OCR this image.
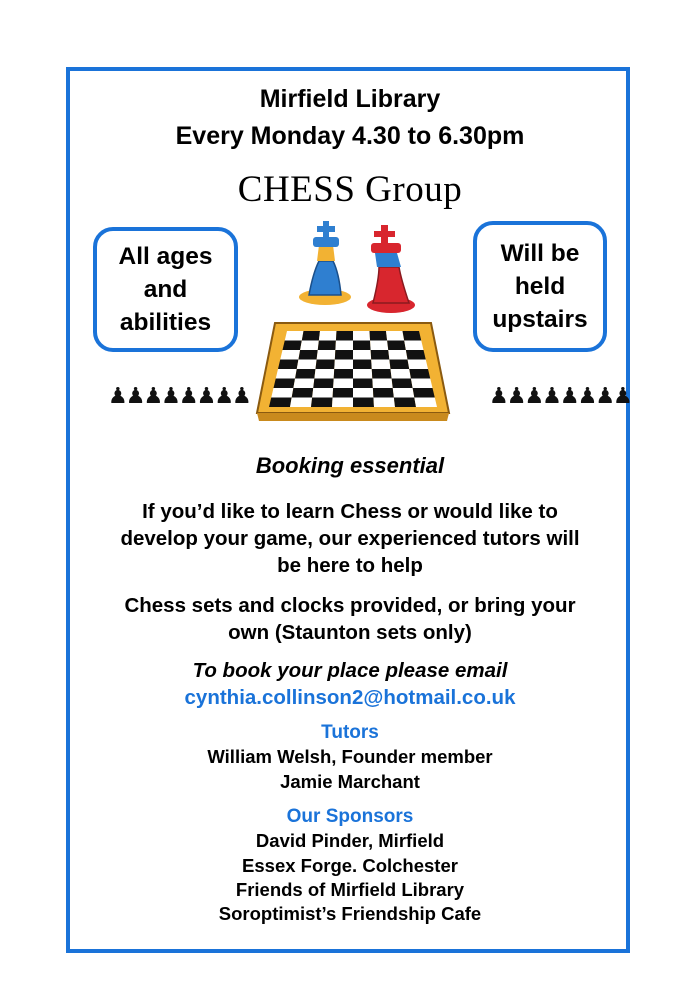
Mirfield Library
Every Monday 4.30 to 6.30pm
CHESS Group
All ages
and
abilities
Will be
held
upstairs
♟♟♟♟♟♟♟♟	♟♟♟♟♟♟♟♟
Booking essential
If you’d like to learn Chess or would like to
develop your game, our experienced tutors will
be here to help
Chess sets and clocks provided, or bring your
own (Staunton sets only)
To book your place please email
cynthia.collinson2@hotmail.co.uk
Tutors
William Welsh, Founder member
Jamie Marchant
Our Sponsors
David Pinder, Mirfield
Essex Forge. Colchester
Friends of Mirfield Library
Soroptimist’s Friendship Cafe
